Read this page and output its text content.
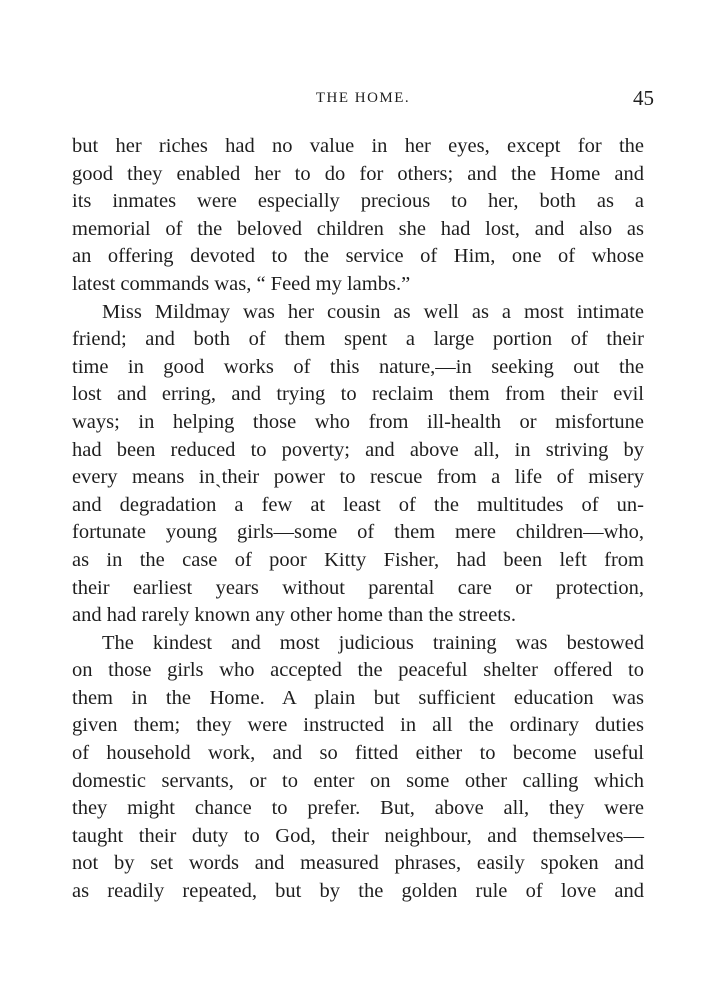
THE HOME.	45
but her riches had no value in her eyes, except for the
good they enabled her to do for others; and the Home and
its inmates were especially precious to her, both as a
memorial of the beloved children she had lost, and also as
an offering devoted to the service of Him, one of whose
latest commands was, “ Feed my lambs.”
Miss Mildmay was her cousin as well as a most intimate
friend; and both of them spent a large portion of their
time in good works of this nature,—in seeking out the
lost and erring, and trying to reclaim them from their evil
ways; in helping those who from ill-health or misfortune
had been reduced to poverty; and above all, in striving by
every means inˏtheir power to rescue from a life of misery
and degradation a few at least of the multitudes of un-
fortunate young girls—some of them mere children—who,
as in the case of poor Kitty Fisher, had been left from
their earliest years without parental care or protection,
and had rarely known any other home than the streets.
The kindest and most judicious training was bestowed
on those girls who accepted the peaceful shelter offered to
them in the Home. A plain but sufficient education was
given them; they were instructed in all the ordinary duties
of household work, and so fitted either to become useful
domestic servants, or to enter on some other calling which
they might chance to prefer. But, above all, they were
taught their duty to God, their neighbour, and themselves—
not by set words and measured phrases, easily spoken and
as readily repeated, but by the golden rule of love and
